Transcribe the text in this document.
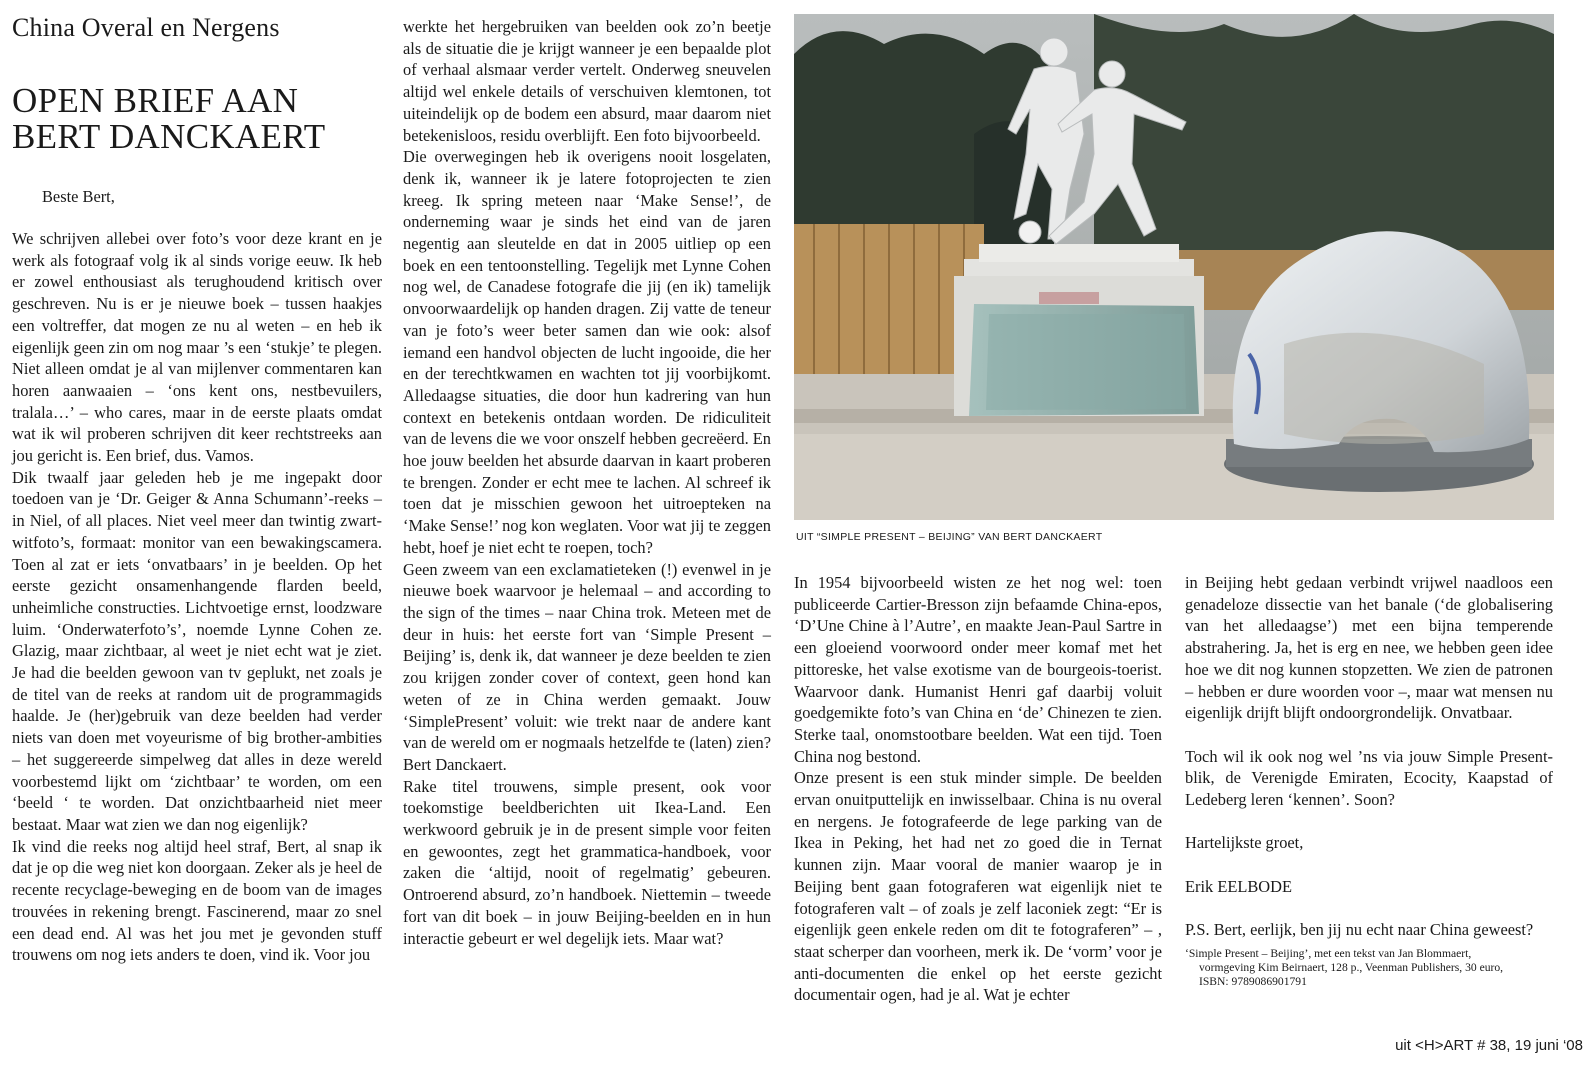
China Overal en Nergens
OPEN BRIEF AAN BERT DANCKAERT
Beste Bert,

We schrijven allebei over foto’s voor deze krant en je werk als fotograaf volg ik al sinds vorige eeuw. Ik heb er zowel enthousiast als terughoudend kritisch over geschreven. Nu is er je nieuwe boek – tussen haakjes een voltreffer, dat mogen ze nu al weten – en heb ik eigenlijk geen zin om nog maar ’s een ‘stukje’ te plegen. Niet alleen omdat je al van mijlenver commentaren kan horen aanwaaien – ‘ons kent ons, nestbevuilers, tralala…’ – who cares, maar in de eerste plaats omdat wat ik wil proberen schrijven dit keer rechtstreeks aan jou gericht is. Een brief, dus. Vamos.

Dik twaalf jaar geleden heb je me ingepakt door toedoen van je ‘Dr. Geiger & Anna Schumann’-reeks – in Niel, of all places. Niet veel meer dan twintig zwart-witfoto’s, formaat: monitor van een bewakingscamera. Toen al zat er iets ‘onvatbaars’ in je beelden. Op het eerste gezicht onsamenhangende flarden beeld, unheimliche constructies. Lichtvoetige ernst, loodzware luim. ‘Onderwaterfoto’s’, noemde Lynne Cohen ze. Glazig, maar zichtbaar, al weet je niet echt wat je ziet. Je had die beelden gewoon van tv geplukt, net zoals je de titel van de reeks at random uit de programmagids haalde. Je (her)gebruik van deze beelden had verder niets van doen met voyeurisme of big brother-ambities – het suggereerde simpelweg dat alles in deze wereld voorbestemd lijkt om ‘zichtbaar’ te worden, om een ‘beeld ‘ te worden. Dat onzichtbaarheid niet meer bestaat. Maar wat zien we dan nog eigenlijk?

Ik vind die reeks nog altijd heel straf, Bert, al snap ik dat je op die weg niet kon doorgaan. Zeker als je heel de recente recyclage-beweging en de boom van de images trouvées in rekening brengt. Fascinerend, maar zo snel een dead end. Al was het jou met je gevonden stuff trouwens om nog iets anders te doen, vind ik. Voor jou

werkte het hergebruiken van beelden ook zo’n beetje als de situatie die je krijgt wanneer je een bepaalde plot of verhaal alsmaar verder vertelt. Onderweg sneuvelen altijd wel enkele details of verschuiven klemtonen, tot uiteindelijk op de bodem een absurd, maar daarom niet betekenisloos, residu overblijft. Een foto bijvoorbeeld.

Die overwegingen heb ik overigens nooit losgelaten, denk ik, wanneer ik je latere fotoprojecten te zien kreeg. Ik spring meteen naar ‘Make Sense!’, de onderneming waar je sinds het eind van de jaren negentig aan sleutelde en dat in 2005 uitliep op een boek en een tentoonstelling. Tegelijk met Lynne Cohen nog wel, de Canadese fotografe die jij (en ik) tamelijk onvoorwaardelijk op handen dragen. Zij vatte de teneur van je foto’s weer beter samen dan wie ook: alsof iemand een handvol objecten de lucht ingooide, die her en der terechtkwamen en wachten tot jij voorbijkomt. Alledaagse situaties, die door hun kadrering van hun context en betekenis ontdaan worden. De ridiculiteit van de levens die we voor onszelf hebben gecreëerd. En hoe jouw beelden het absurde daarvan in kaart proberen te brengen. Zonder er echt mee te lachen. Al schreef ik toen dat je misschien gewoon het uitroepteken na ‘Make Sense!’ nog kon weglaten. Voor wat jij te zeggen hebt, hoef je niet echt te roepen, toch?

Geen zweem van een exclamatieteken (!) evenwel in je nieuwe boek waarvoor je helemaal – and according to the sign of the times – naar China trok. Meteen met de deur in huis: het eerste fort van ‘Simple Present – Beijing’ is, denk ik, dat wanneer je deze beelden te zien zou krijgen zonder cover of context, geen hond kan weten of ze in China werden gemaakt. Jouw ‘SimplePresent’ voluit: wie trekt naar de andere kant van de wereld om er nogmaals hetzelfde te (laten) zien? Bert Danckaert.

Rake titel trouwens, simple present, ook voor toekomstige beeldberichten uit Ikea-Land. Een werkwoord gebruik je in de present simple voor feiten en gewoontes, zegt het grammatica-handboek, voor zaken die ‘altijd, nooit of regelmatig’ gebeuren. Ontroerend absurd, zo’n handboek. Niettemin – tweede fort van dit boek – in jouw Beijing-beelden en in hun interactie gebeurt er wel degelijk iets. Maar wat?

UIT “SIMPLE PRESENT – BEIJING” VAN BERT DANCKAERT

In 1954 bijvoorbeeld wisten ze het nog wel: toen publiceerde Cartier-Bresson zijn befaamde China-epos, ‘D’Une Chine à l’Autre’, en maakte Jean-Paul Sartre in een gloeiend voorwoord onder meer komaf met het pittoreske, het valse exotisme van de bourgeois-toerist. Waarvoor dank. Humanist Henri gaf daarbij voluit goedgemikte foto’s van China en ‘de’ Chinezen te zien. Sterke taal, onomstootbare beelden. Wat een tijd. Toen China nog bestond.

Onze present is een stuk minder simple. De beelden ervan onuitputtelijk en inwisselbaar. China is nu overal en nergens. Je fotografeerde de lege parking van de Ikea in Peking, het had net zo goed die in Ternat kunnen zijn. Maar vooral de manier waarop je in Beijing bent gaan fotograferen wat eigenlijk niet te fotograferen valt – of zoals je zelf laconiek zegt: “Er is eigenlijk geen enkele reden om dit te fotograferen” – , staat scherper dan voorheen, merk ik. De ‘vorm’ voor je anti-documenten die enkel op het eerste gezicht documentair ogen, had je al. Wat je echter

in Beijing hebt gedaan verbindt vrijwel naadloos een genadeloze dissectie van het banale (‘de globalisering van het alledaagse’) met een bijna temperende abstrahering. Ja, het is erg en nee, we hebben geen idee hoe we dit nog kunnen stopzetten. We zien de patronen – hebben er dure woorden voor –, maar wat mensen nu eigenlijk drijft blijft ondoorgrondelijk. Onvatbaar.

Toch wil ik ook nog wel ’ns via jouw Simple Present-blik, de Verenigde Emiraten, Ecocity, Kaapstad of Ledeberg leren ‘kennen’. Soon?

Hartelijkste groet,

Erik EELBODE

P.S. Bert, eerlijk, ben jij nu echt naar China geweest?

‘Simple Present – Beijing’, met een tekst van Jan Blommaert,
vormgeving Kim Beirnaert, 128 p., Veenman Publishers, 30 euro,
ISBN: 9789086901791
uit <H>ART # 38, 19 juni ‘08
